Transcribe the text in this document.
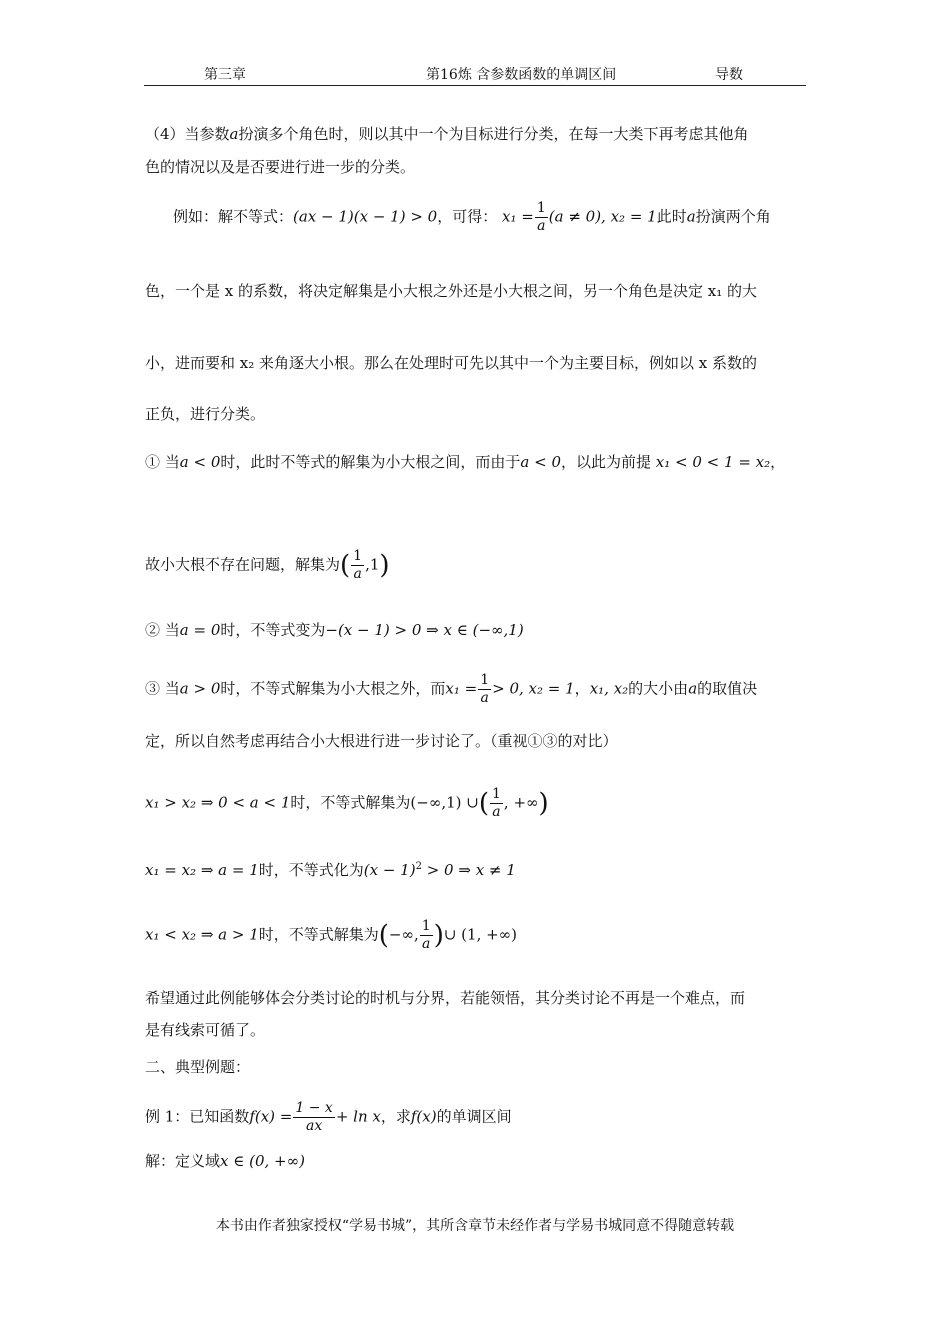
第三章	第16炼 含参数函数的单调区间	导数
（4）当参数a扮演多个角色时，则以其中一个为目标进行分类，在每一大类下再考虑其他角
色的情况以及是否要进行进一步的分类。
例如：解不等式：(ax − 1)(x − 1) > 0，可得： $x_1 = \frac{1}{a} (a \ne 0)$, x₂ = 1此时a扮演两个角
色，一个是 x 的系数，将决定解集是小大根之外还是小大根之间，另一个角色是决定 x₁ 的大
小，进而要和 x₂ 来角逐大小根。那么在处理时可先以其中一个为主要目标，例如以 x 系数的
正负，进行分类。
① 当a < 0时，此时不等式的解集为小大根之间，而由于a < 0，以此为前提 x₁ < 0 < 1 = x₂，
故小大根不存在问题，解集为( $\frac{1}{a} ,1$)
② 当a = 0时，不等式变为−(x − 1) > 0 ⇒ x ∈ (−∞,1)
③ 当a > 0时，不等式解集为小大根之外，而$x_1 = \frac{1}{a} > 0$, x₂ = 1，x₁, x₂的大小由a的取值决
定，所以自然考虑再结合小大根进行进一步讨论了。（重视①③的对比）
x₁ > x₂ ⇒ 0 < a < 1时，不等式解集为(−∞,1) ∪( $\frac{1}{a}$ , +∞)
x₁ = x₂ ⇒ a = 1时，不等式化为$(x - 1)^2 > 0$ ⇒ x ≠ 1
x₁ < x₂ ⇒ a > 1时，不等式解集为(−∞, $\frac{1}{a}$ )∪ (1, +∞)
希望通过此例能够体会分类讨论的时机与分界，若能领悟，其分类讨论不再是一个难点，而
是有线索可循了。
二、典型例题：
例 1：已知函数$f(x) = \frac{1 - x}{ax} + \ln x$，求f(x)的单调区间
解：定义域x ∈ (0, +∞)
本书由作者独家授权“学易书城”，其所含章节未经作者与学易书城同意不得随意转载
